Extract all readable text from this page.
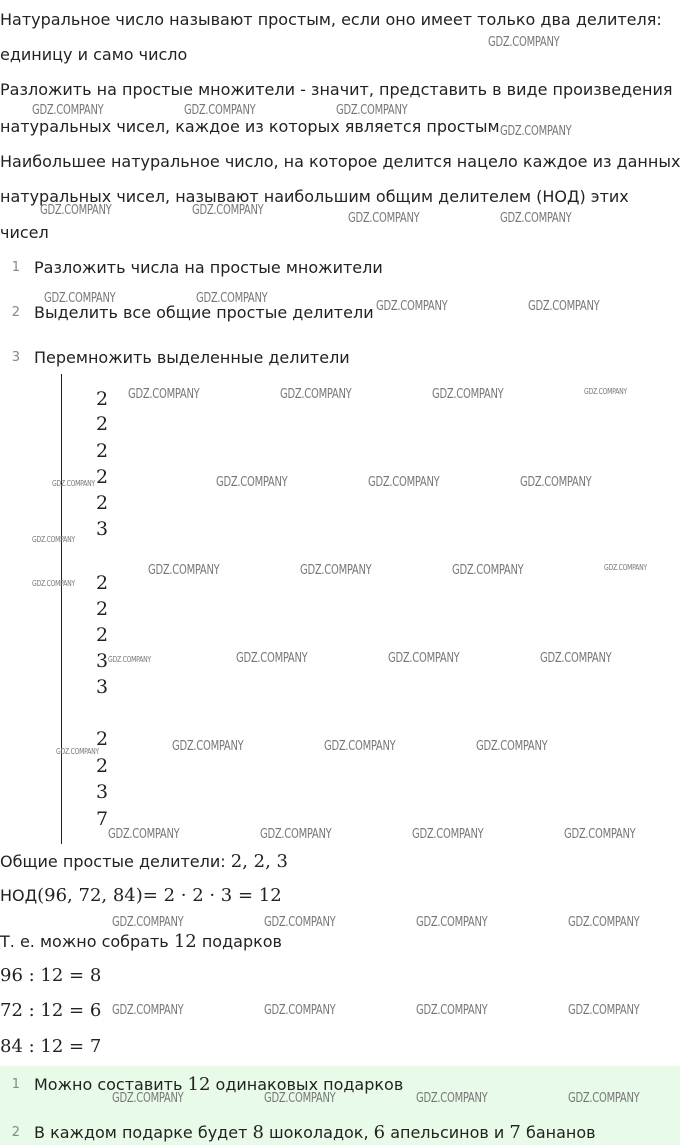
Натуральное число называют простым, если оно имеет только два делителя:
единицу и само число
Разложить на простые множители - значит, представить в виде произведения
натуральных чисел, каждое из которых является простым
Наибольшее натуральное число, на которое делится нацело каждое из данных
натуральных чисел, называют наибольшим общим делителем (НОД) этих
чисел
1 Разложить числа на простые множители
2 Выделить все общие простые делители
3 Перемножить выделенные делители
2
2
2
2
2
3
2
2
2
3
3
2
2
3
7
Общие простые делители: 2, 2, 3
НОД(96, 72, 84)= 2 · 2 · 3 = 12
Т. е. можно собрать 12 подарков
96 : 12 = 8
72 : 12 = 6
84 : 12 = 7
1 Можно составить
12
одинаковых подарков
2 В каждом подарке будет
8
шоколадок,
6
апельсинов и
7
бананов
GDZ.COMPANY
GDZ.COMPANY	GDZ.COMPANY	GDZ.COMPANY
GDZ.COMPANY
GDZ.COMPANY	GDZ.COMPANY
GDZ.COMPANY	GDZ.COMPANY
GDZ.COMPANY	GDZ.COMPANY
GDZ.COMPANY	GDZ.COMPANY
GDZ.COMPANY	GDZ.COMPANY	GDZ.COMPANY	GDZ.COMPANY
GDZ.COMPANY	GDZ.COMPANY	GDZ.COMPANY	GDZ.COMPANY
GDZ.COMPANY
GDZ.COMPANY	GDZ.COMPANY	GDZ.COMPANY	GDZ.COMPANY
GDZ.COMPANY
GDZ.COMPANY	GDZ.COMPANY	GDZ.COMPANY	GDZ.COMPANY
GDZ.COMPANY	GDZ.COMPANY	GDZ.COMPANY	GDZ.COMPANY
GDZ.COMPANY	GDZ.COMPANY	GDZ.COMPANY	GDZ.COMPANY
GDZ.COMPANY	GDZ.COMPANY	GDZ.COMPANY	GDZ.COMPANY
GDZ.COMPANY	GDZ.COMPANY	GDZ.COMPANY	GDZ.COMPANY
GDZ.COMPANY	GDZ.COMPANY	GDZ.COMPANY	GDZ.COMPANY
